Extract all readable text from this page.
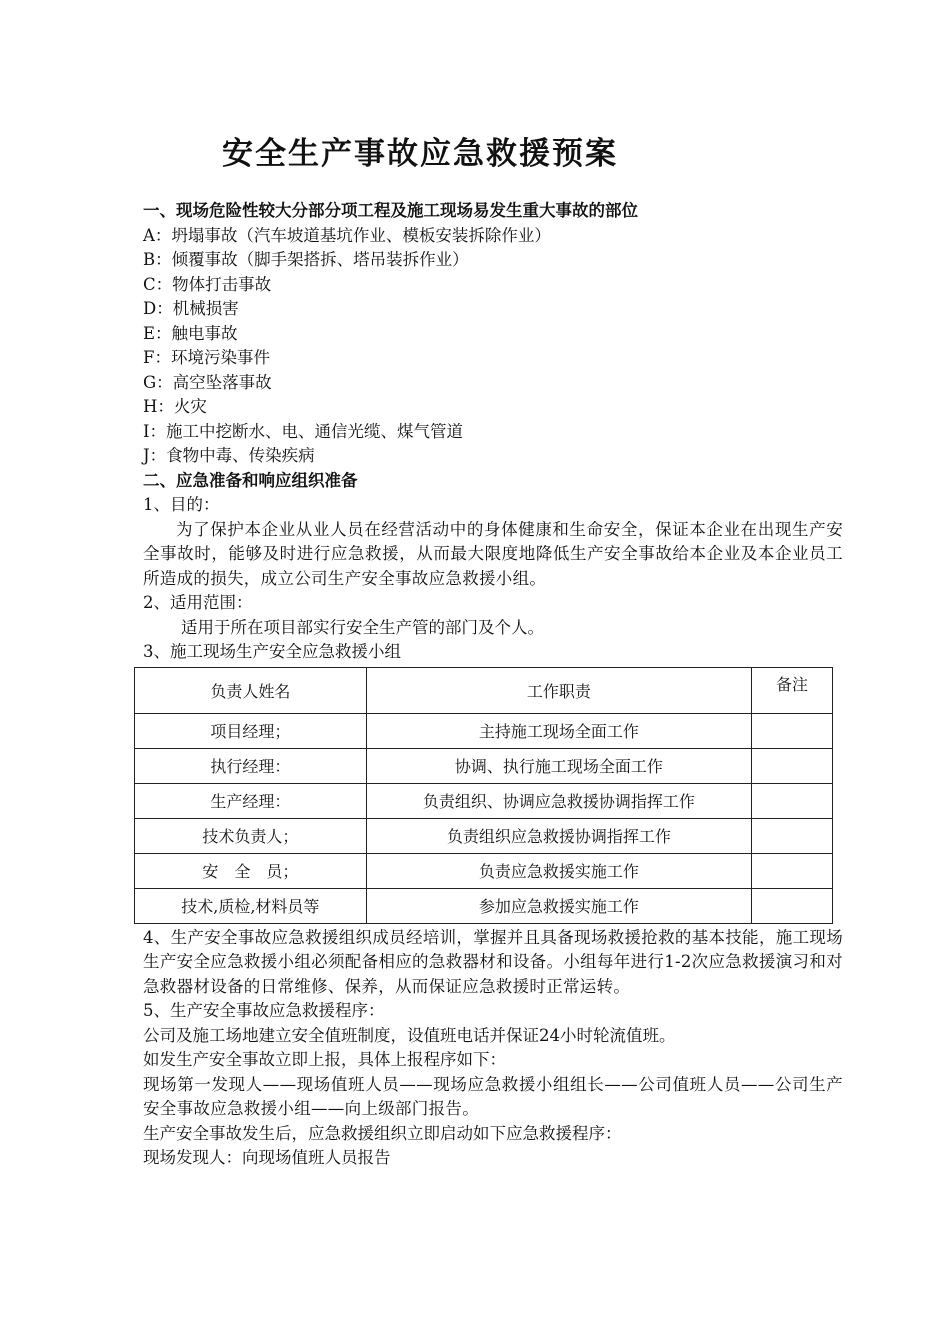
安全生产事故应急救援预案
一、现场危险性较大分部分项工程及施工现场易发生重大事故的部位
A：坍塌事故（汽车坡道基坑作业、模板安装拆除作业）
B：倾覆事故（脚手架搭拆、塔吊装拆作业）
C：物体打击事故
D：机械损害
E：触电事故
F：环境污染事件
G：高空坠落事故
H：火灾
I：施工中挖断水、电、通信光缆、煤气管道
J：食物中毒、传染疾病
二、应急准备和响应组织准备
1、目的：
为了保护本企业从业人员在经营活动中的身体健康和生命安全，保证本企业在出现生产安全事故时，能够及时进行应急救援，从而最大限度地降低生产安全事故给本企业及本企业员工所造成的损失，成立公司生产安全事故应急救援小组。
2、适用范围：
适用于所在项目部实行安全生产管的部门及个人。
3、施工现场生产安全应急救援小组
负责人姓名	工作职责	备注
项目经理；	主持施工现场全面工作	
执行经理：	协调、执行施工现场全面工作	
生产经理：	负责组织、协调应急救援协调指挥工作	
技术负责人；	负责组织应急救援协调指挥工作	
安　全　员；	负责应急救援实施工作	
技术,质检,材料员等	参加应急救援实施工作	
4、生产安全事故应急救援组织成员经培训，掌握并且具备现场救援抢救的基本技能，施工现场生产安全应急救援小组必须配备相应的急救器材和设备。小组每年进行1-2次应急救援演习和对急救器材设备的日常维修、保养，从而保证应急救援时正常运转。
5、生产安全事故应急救援程序：
公司及施工场地建立安全值班制度，设值班电话并保证24小时轮流值班。
如发生产安全事故立即上报，具体上报程序如下：
现场第一发现人——现场值班人员——现场应急救援小组组长——公司值班人员——公司生产安全事故应急救援小组——向上级部门报告。
生产安全事故发生后，应急救援组织立即启动如下应急救援程序：
现场发现人：向现场值班人员报告
